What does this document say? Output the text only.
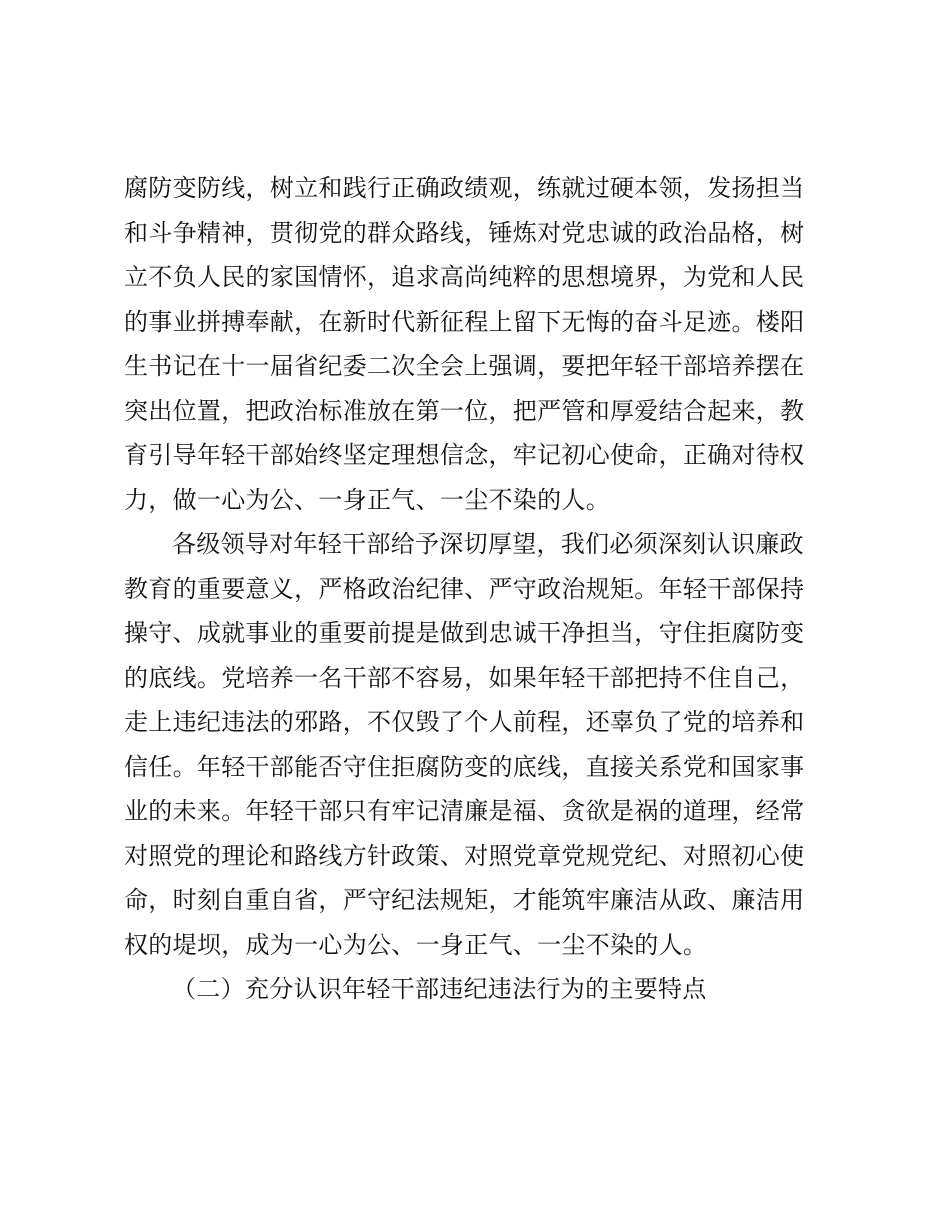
腐防变防线，树立和践行正确政绩观，练就过硬本领，发扬担当
和斗争精神，贯彻党的群众路线，锤炼对党忠诚的政治品格，树
立不负人民的家国情怀，追求高尚纯粹的思想境界，为党和人民
的事业拼搏奉献，在新时代新征程上留下无悔的奋斗足迹。楼阳
生书记在十一届省纪委二次全会上强调，要把年轻干部培养摆在
突出位置，把政治标准放在第一位，把严管和厚爱结合起来，教
育引导年轻干部始终坚定理想信念，牢记初心使命，正确对待权
力，做一心为公、一身正气、一尘不染的人。
各级领导对年轻干部给予深切厚望，我们必须深刻认识廉政
教育的重要意义，严格政治纪律、严守政治规矩。年轻干部保持
操守、成就事业的重要前提是做到忠诚干净担当，守住拒腐防变
的底线。党培养一名干部不容易，如果年轻干部把持不住自己，
走上违纪违法的邪路，不仅毁了个人前程，还辜负了党的培养和
信任。年轻干部能否守住拒腐防变的底线，直接关系党和国家事
业的未来。年轻干部只有牢记清廉是福、贪欲是祸的道理，经常
对照党的理论和路线方针政策、对照党章党规党纪、对照初心使
命，时刻自重自省，严守纪法规矩，才能筑牢廉洁从政、廉洁用
权的堤坝，成为一心为公、一身正气、一尘不染的人。
（二）充分认识年轻干部违纪违法行为的主要特点
